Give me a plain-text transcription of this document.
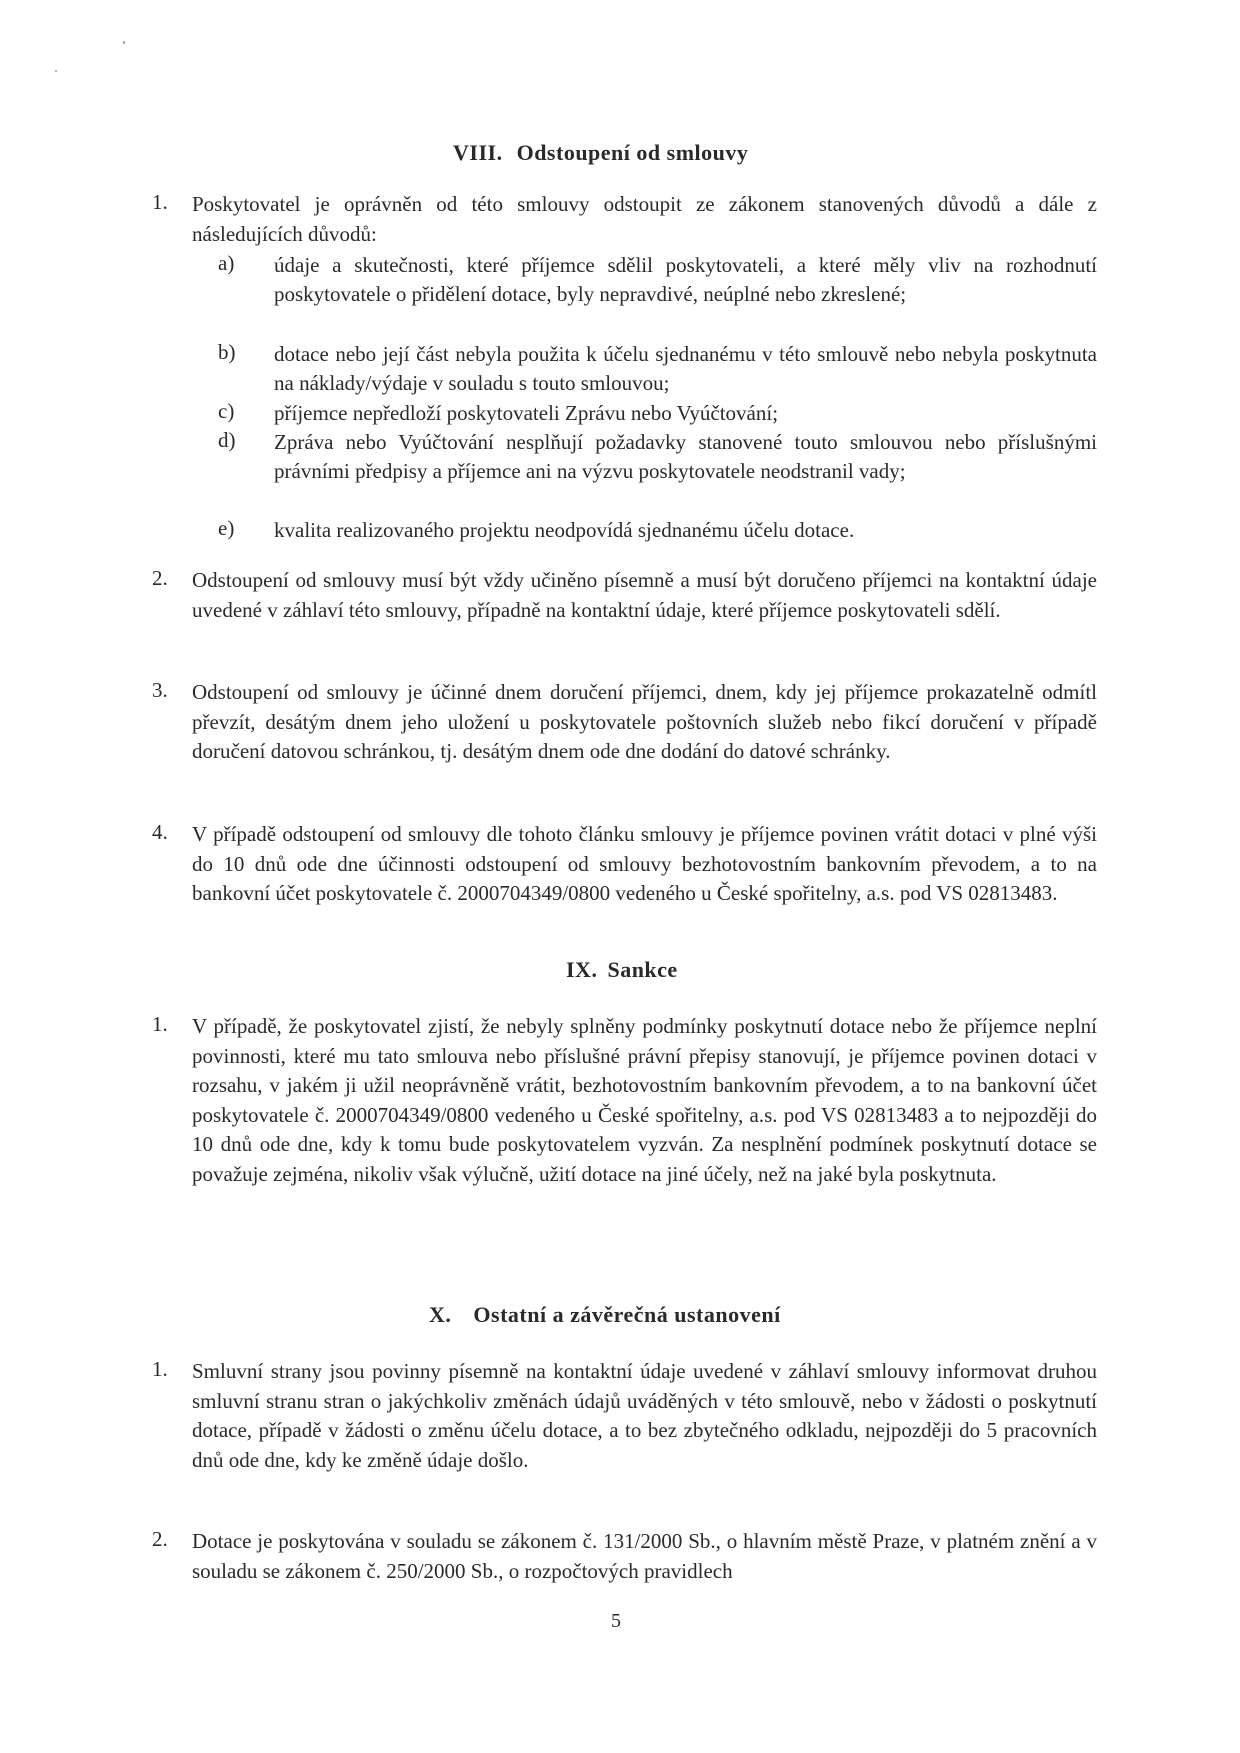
VIII. Odstoupení od smlouvy
1. Poskytovatel je oprávněn od této smlouvy odstoupit ze zákonem stanovených důvodů a dále z následujících důvodů:
a) údaje a skutečnosti, které příjemce sdělil poskytovateli, a které měly vliv na rozhodnutí poskytovatele o přidělení dotace, byly nepravdivé, neúplné nebo zkreslené;
b) dotace nebo její část nebyla použita k účelu sjednanému v této smlouvě nebo nebyla poskytnuta na náklady/výdaje v souladu s touto smlouvou;
c) příjemce nepředloží poskytovateli Zprávu nebo Vyúčtování;
d) Zpráva nebo Vyúčtování nesplňují požadavky stanovené touto smlouvou nebo příslušnými právními předpisy a příjemce ani na výzvu poskytovatele neodstranil vady;
e) kvalita realizovaného projektu neodpovídá sjednanému účelu dotace.
2. Odstoupení od smlouvy musí být vždy učiněno písemně a musí být doručeno příjemci na kontaktní údaje uvedené v záhlaví této smlouvy, případně na kontaktní údaje, které příjemce poskytovateli sdělí.
3. Odstoupení od smlouvy je účinné dnem doručení příjemci, dnem, kdy jej příjemce prokazatelně odmítl převzít, desátým dnem jeho uložení u poskytovatele poštovních služeb nebo fikcí doručení v případě doručení datovou schránkou, tj. desátým dnem ode dne dodání do datové schránky.
4. V případě odstoupení od smlouvy dle tohoto článku smlouvy je příjemce povinen vrátit dotaci v plné výši do 10 dnů ode dne účinnosti odstoupení od smlouvy bezhotovostním bankovním převodem, a to na bankovní účet poskytovatele č. 2000704349/0800 vedeného u České spořitelny, a.s. pod VS 02813483.
IX. Sankce
1. V případě, že poskytovatel zjistí, že nebyly splněny podmínky poskytnutí dotace nebo že příjemce neplní povinnosti, které mu tato smlouva nebo příslušné právní přepisy stanovují, je příjemce povinen dotaci v rozsahu, v jakém ji užil neoprávněně vrátit, bezhotovostním bankovním převodem, a to na bankovní účet poskytovatele č. 2000704349/0800 vedeného u České spořitelny, a.s. pod VS 02813483 a to nejpozději do 10 dnů ode dne, kdy k tomu bude poskytovatelem vyzván. Za nesplnění podmínek poskytnutí dotace se považuje zejména, nikoliv však výlučně, užití dotace na jiné účely, než na jaké byla poskytnuta.
X. Ostatní a závěrečná ustanovení
1. Smluvní strany jsou povinny písemně na kontaktní údaje uvedené v záhlaví smlouvy informovat druhou smluvní stranu stran o jakýchkoliv změnách údajů uváděných v této smlouvě, nebo v žádosti o poskytnutí dotace, případě v žádosti o změnu účelu dotace, a to bez zbytečného odkladu, nejpozději do 5 pracovních dnů ode dne, kdy ke změně údaje došlo.
2. Dotace je poskytována v souladu se zákonem č. 131/2000 Sb., o hlavním městě Praze, v platném znění a v souladu se zákonem č. 250/2000 Sb., o rozpočtových pravidlech
5
